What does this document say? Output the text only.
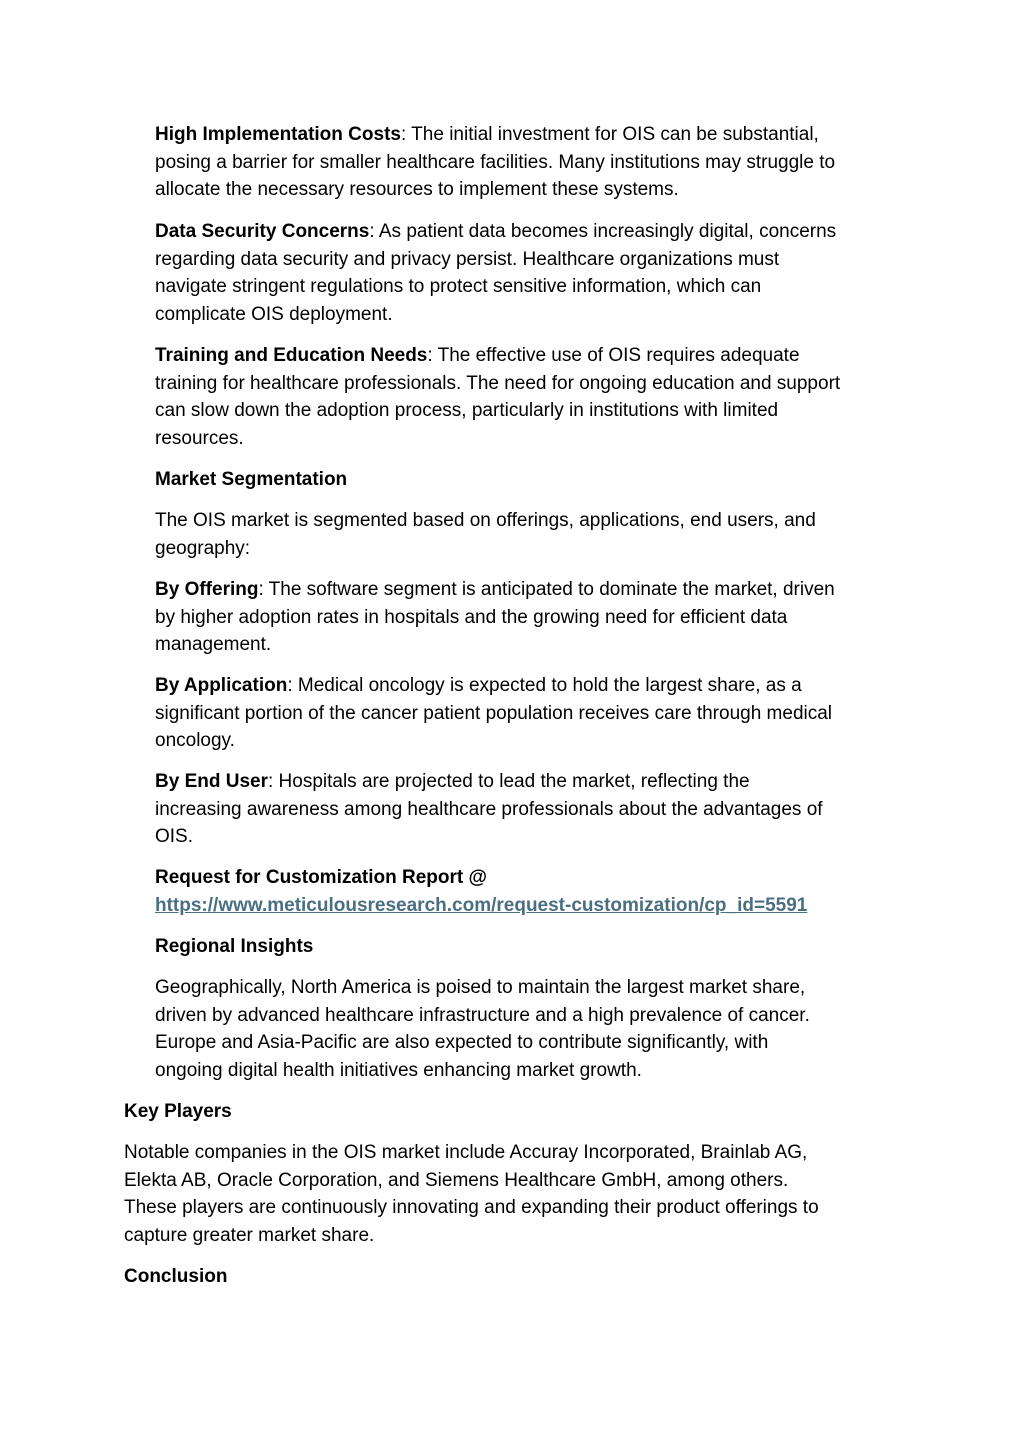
High Implementation Costs: The initial investment for OIS can be substantial,
posing a barrier for smaller healthcare facilities. Many institutions may struggle to
allocate the necessary resources to implement these systems.

Data Security Concerns: As patient data becomes increasingly digital, concerns
regarding data security and privacy persist. Healthcare organizations must
navigate stringent regulations to protect sensitive information, which can
complicate OIS deployment.

Training and Education Needs: The effective use of OIS requires adequate
training for healthcare professionals. The need for ongoing education and support
can slow down the adoption process, particularly in institutions with limited
resources.

Market Segmentation

The OIS market is segmented based on offerings, applications, end users, and
geography:

By Offering: The software segment is anticipated to dominate the market, driven
by higher adoption rates in hospitals and the growing need for efficient data
management.

By Application: Medical oncology is expected to hold the largest share, as a
significant portion of the cancer patient population receives care through medical
oncology.

By End User: Hospitals are projected to lead the market, reflecting the
increasing awareness among healthcare professionals about the advantages of
OIS.

Request for Customization Report @
https://www.meticulousresearch.com/request-customization/cp_id=5591

Regional Insights

Geographically, North America is poised to maintain the largest market share,
driven by advanced healthcare infrastructure and a high prevalence of cancer.
Europe and Asia-Pacific are also expected to contribute significantly, with
ongoing digital health initiatives enhancing market growth.

Key Players

Notable companies in the OIS market include Accuray Incorporated, Brainlab AG,
Elekta AB, Oracle Corporation, and Siemens Healthcare GmbH, among others.
These players are continuously innovating and expanding their product offerings to
capture greater market share.

Conclusion
